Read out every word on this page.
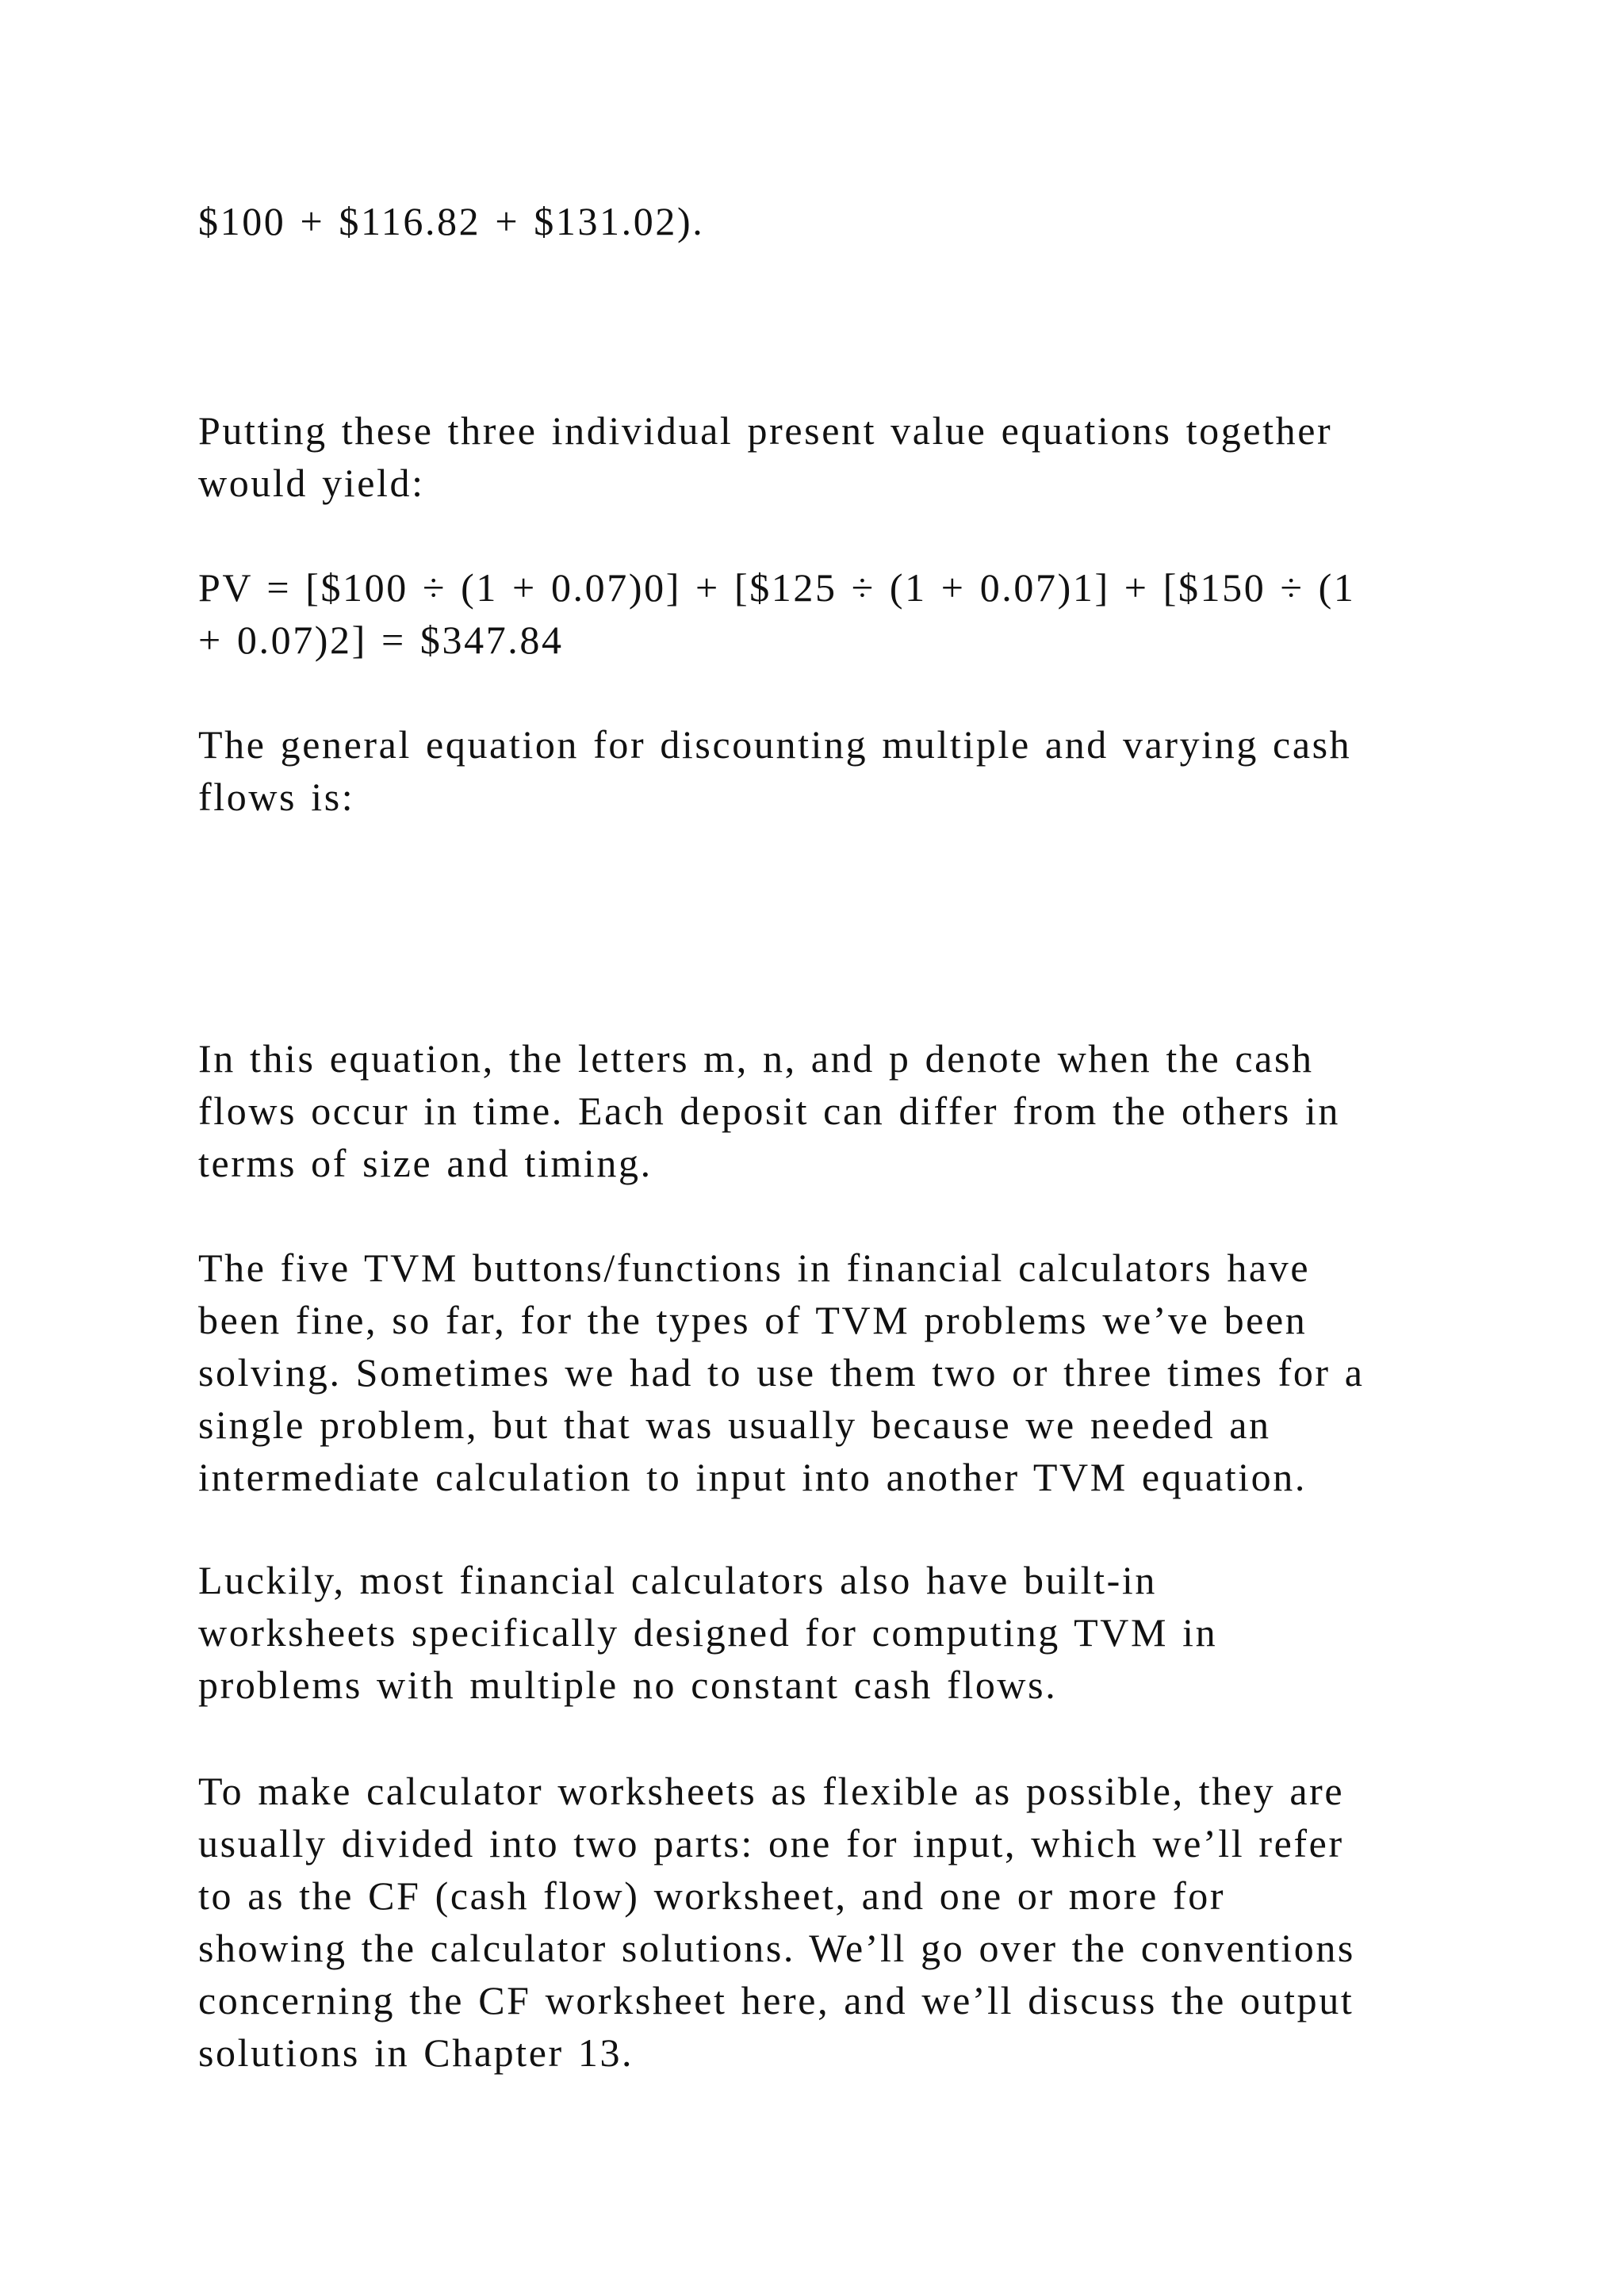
$100 + $116.82 + $131.02).

Putting these three individual present value equations together
would yield:

PV = [$100 ÷ (1 + 0.07)0] + [$125 ÷ (1 + 0.07)1] + [$150 ÷ (1
+ 0.07)2] = $347.84

The general equation for discounting multiple and varying cash
flows is:

In this equation, the letters m, n, and p denote when the cash
flows occur in time. Each deposit can differ from the others in
terms of size and timing.

The five TVM buttons/functions in financial calculators have
been fine, so far, for the types of TVM problems we’ve been
solving. Sometimes we had to use them two or three times for a
single problem, but that was usually because we needed an
intermediate calculation to input into another TVM equation.

Luckily, most financial calculators also have built-in
worksheets specifically designed for computing TVM in
problems with multiple no constant cash flows.

To make calculator worksheets as flexible as possible, they are
usually divided into two parts: one for input, which we’ll refer
to as the CF (cash flow) worksheet, and one or more for
showing the calculator solutions. We’ll go over the conventions
concerning the CF worksheet here, and we’ll discuss the output
solutions in Chapter 13.
